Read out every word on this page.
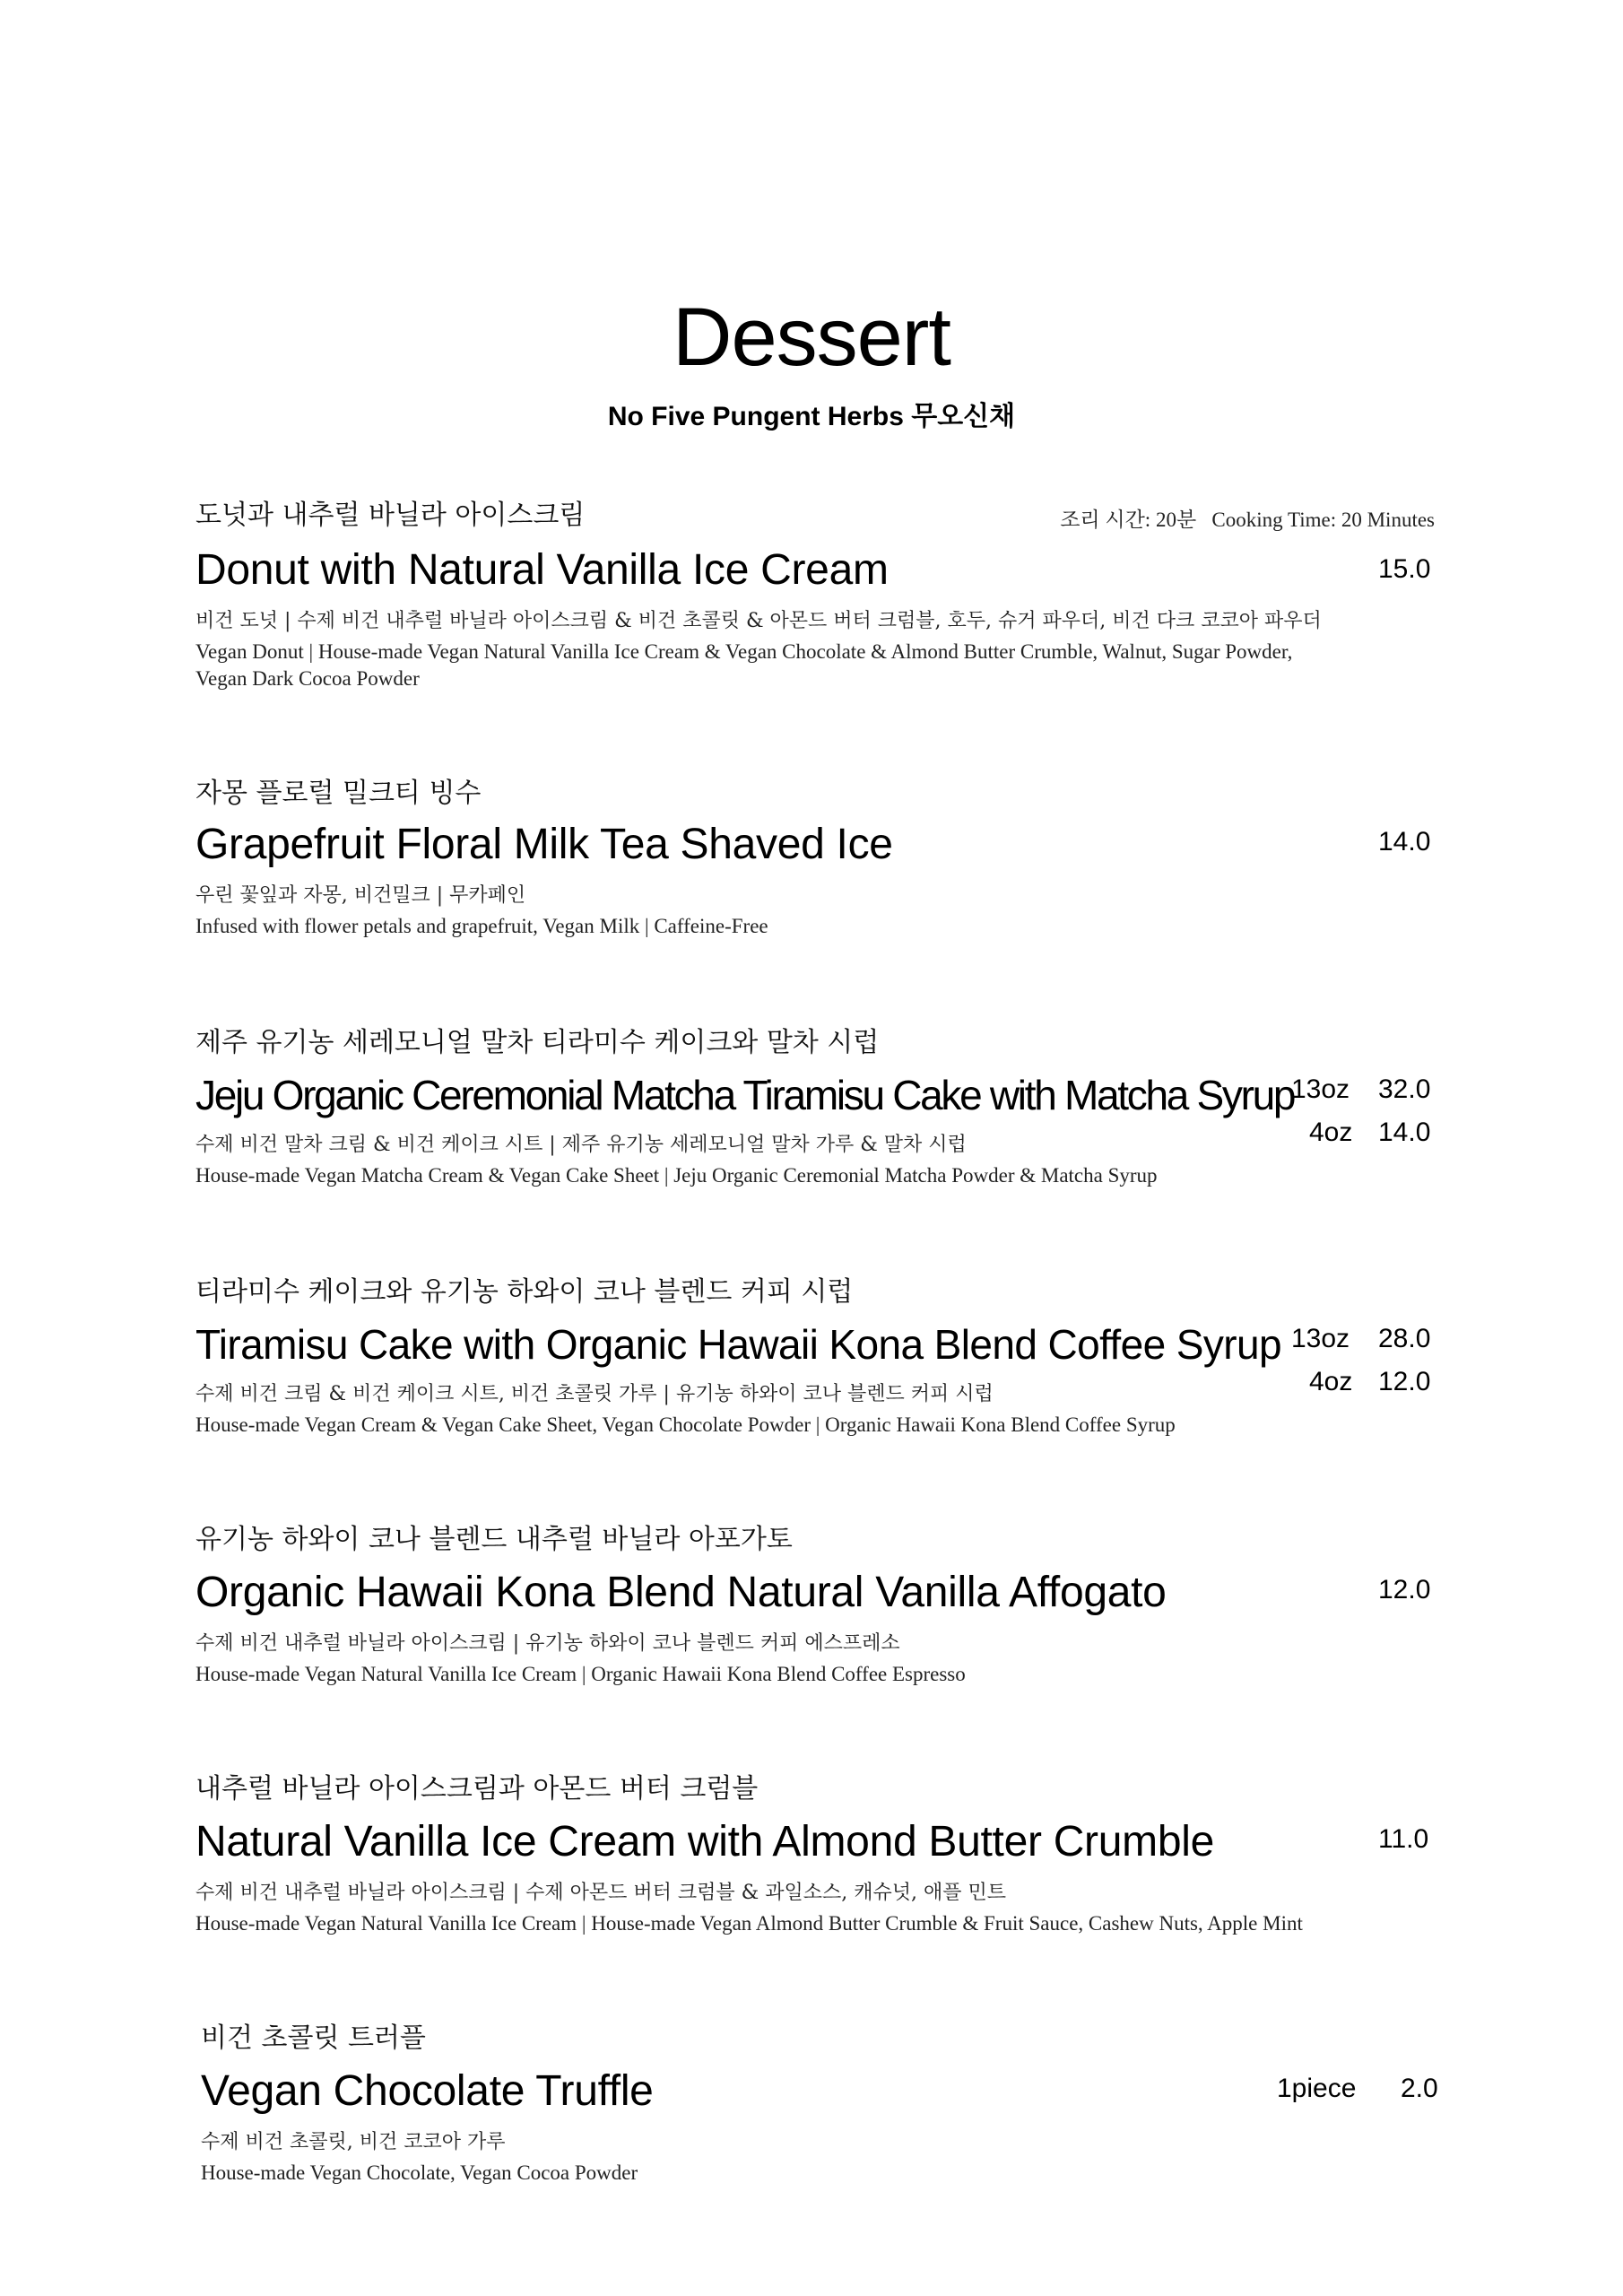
Dessert
No Five Pungent Herbs 무오신채
도넛과 내추럴 바닐라 아이스크림	조리 시간: 20분   Cooking Time: 20 Minutes
Donut with Natural Vanilla Ice Cream	15.0
비건 도넛 | 수제 비건 내추럴 바닐라 아이스크림 & 비건 초콜릿 & 아몬드 버터 크럼블, 호두, 슈거 파우더, 비건 다크 코코아 파우더
Vegan Donut | House-made Vegan Natural Vanilla Ice Cream & Vegan Chocolate & Almond Butter Crumble, Walnut, Sugar Powder,
Vegan Dark Cocoa Powder
자몽 플로럴 밀크티 빙수
Grapefruit Floral Milk Tea Shaved Ice	14.0
우린 꽃잎과 자몽, 비건밀크 | 무카페인
Infused with flower petals and grapefruit, Vegan Milk | Caffeine-Free
제주 유기농 세레모니얼 말차 티라미수 케이크와 말차 시럽
Jeju Organic Ceremonial Matcha Tiramisu Cake with Matcha Syrup
13oz 32.0
4oz 14.0
수제 비건 말차 크림 & 비건 케이크 시트 | 제주 유기농 세레모니얼 말차 가루 & 말차 시럽
House-made Vegan Matcha Cream & Vegan Cake Sheet | Jeju Organic Ceremonial Matcha Powder & Matcha Syrup
티라미수 케이크와 유기농 하와이 코나 블렌드 커피 시럽
Tiramisu Cake with Organic Hawaii Kona Blend Coffee Syrup 13oz 28.0
4oz 12.0
수제 비건 크림 & 비건 케이크 시트, 비건 초콜릿 가루 | 유기농 하와이 코나 블렌드 커피 시럽
House-made Vegan Cream & Vegan Cake Sheet, Vegan Chocolate Powder | Organic Hawaii Kona Blend Coffee Syrup
유기농 하와이 코나 블렌드 내추럴 바닐라 아포가토
Organic Hawaii Kona Blend Natural Vanilla Affogato	12.0
수제 비건 내추럴 바닐라 아이스크림 | 유기농 하와이 코나 블렌드 커피 에스프레소
House-made Vegan Natural Vanilla Ice Cream | Organic Hawaii Kona Blend Coffee Espresso
내추럴 바닐라 아이스크림과 아몬드 버터 크럼블
Natural Vanilla Ice Cream with Almond Butter Crumble	11.0
수제 비건 내추럴 바닐라 아이스크림 | 수제 아몬드 버터 크럼블 & 과일소스, 캐슈넛, 애플 민트
House-made Vegan Natural Vanilla Ice Cream | House-made Vegan Almond Butter Crumble & Fruit Sauce, Cashew Nuts, Apple Mint
비건 초콜릿 트러플
Vegan Chocolate Truffle	1piece 2.0
수제 비건 초콜릿, 비건 코코아 가루
House-made Vegan Chocolate, Vegan Cocoa Powder
